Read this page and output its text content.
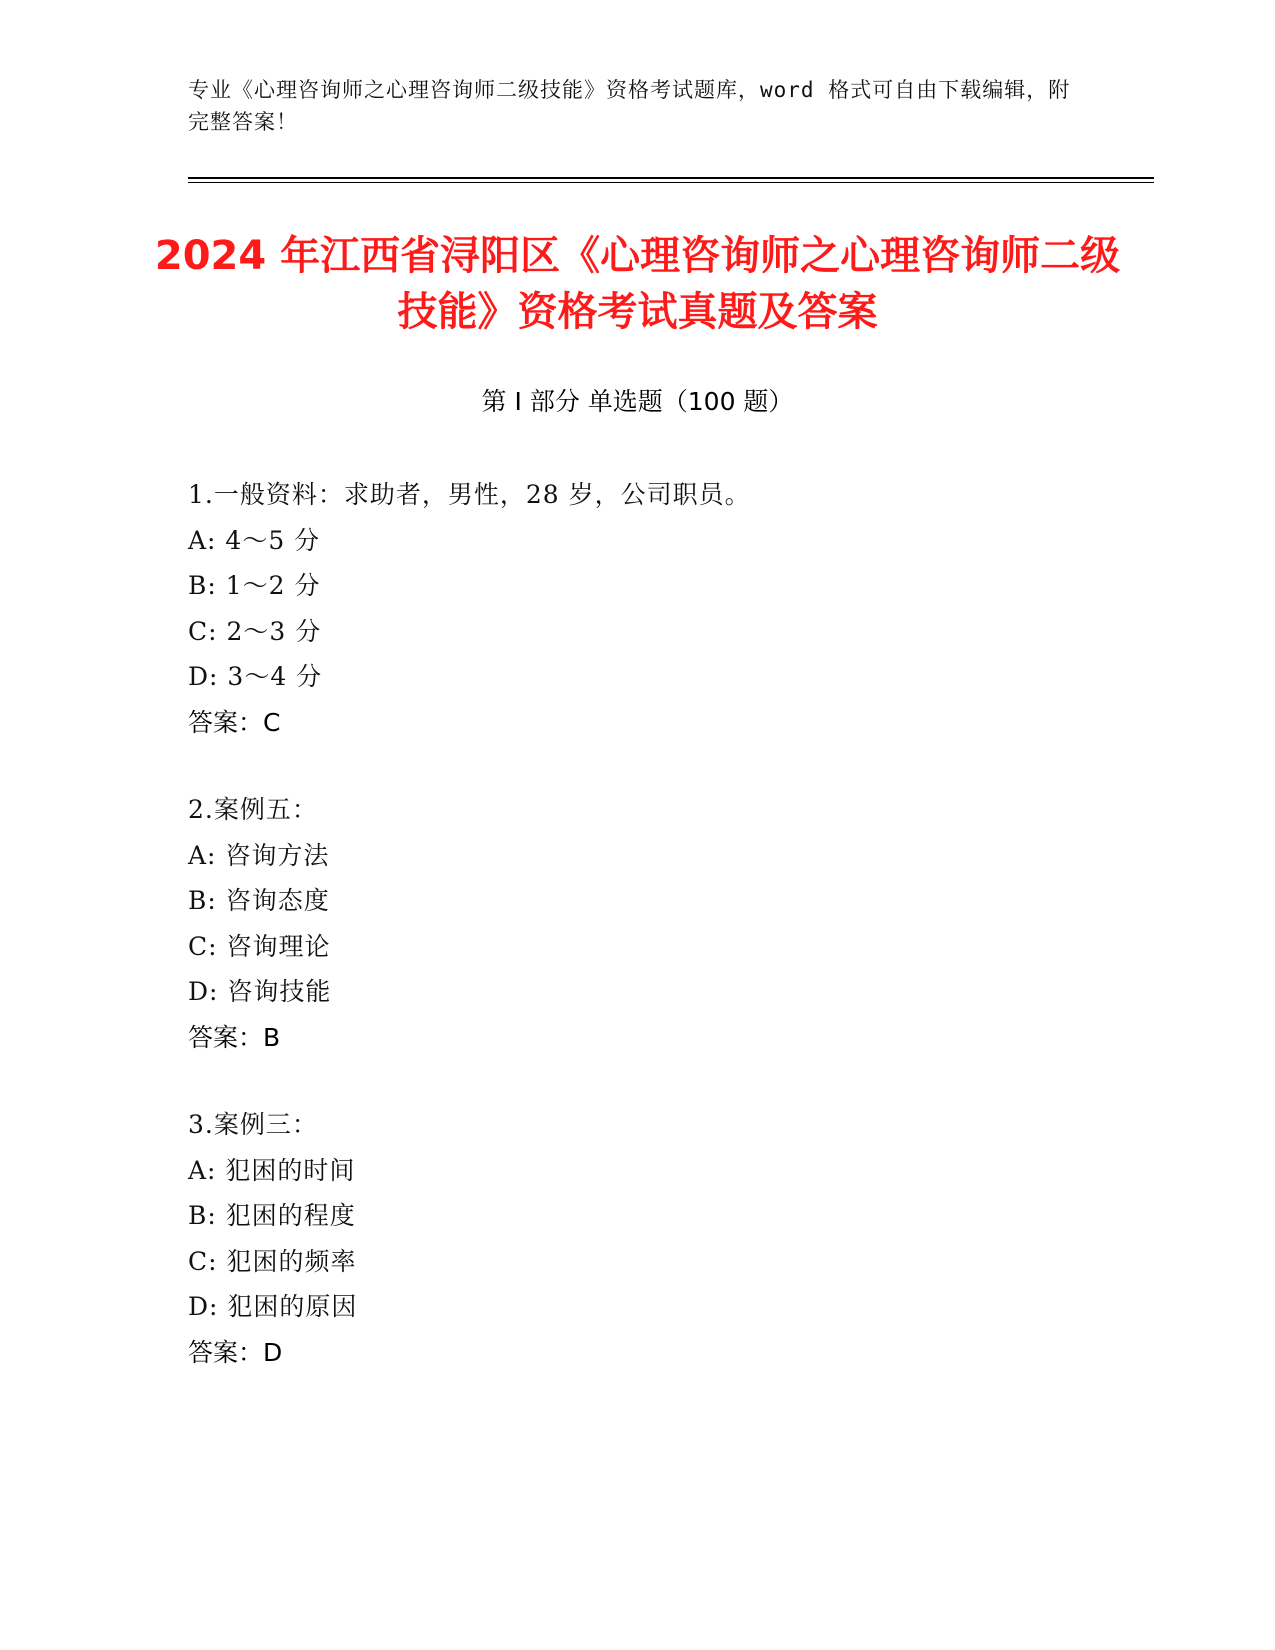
专业《心理咨询师之心理咨询师二级技能》资格考试题库，word 格式可自由下载编辑，附完整答案！
2024 年江西省浔阳区《心理咨询师之心理咨询师二级技能》资格考试真题及答案
第 I 部分 单选题（100 题）
1.一般资料：求助者，男性，28 岁，公司职员。
A: 4～5 分
B: 1～2 分
C: 2～3 分
D: 3～4 分
答案：C
2.案例五：
A: 咨询方法
B: 咨询态度
C: 咨询理论
D: 咨询技能
答案：B
3.案例三：
A: 犯困的时间
B: 犯困的程度
C: 犯困的频率
D: 犯困的原因
答案：D
